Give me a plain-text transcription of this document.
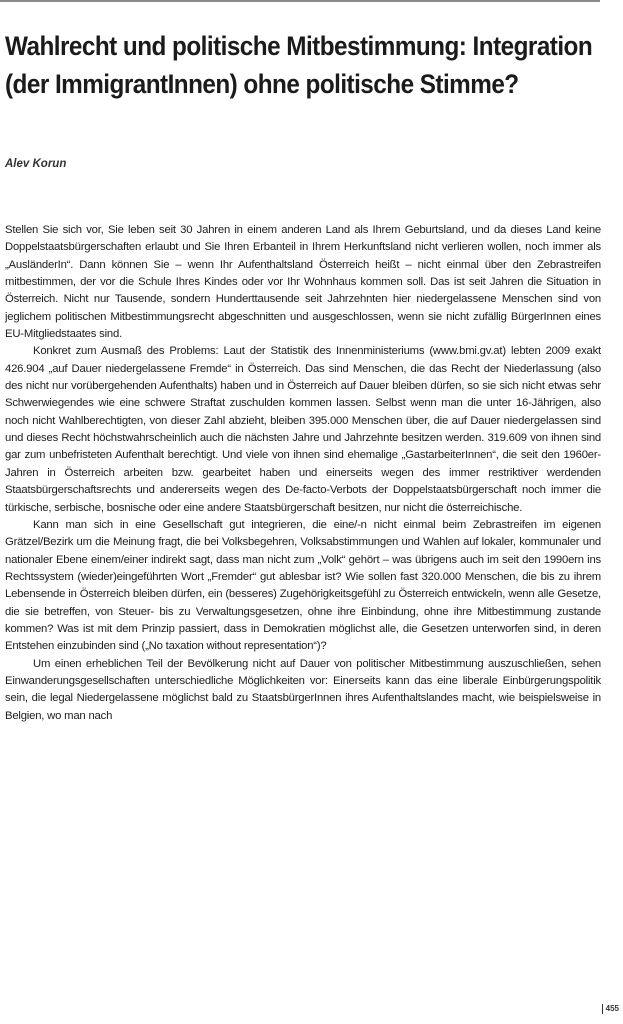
Wahlrecht und politische Mitbestimmung: Integration (der ImmigrantInnen) ohne politische Stimme?

Alev Korun

Stellen Sie sich vor, Sie leben seit 30 Jahren in einem anderen Land als Ihrem Geburtsland, und da dieses Land keine Doppelstaatsbürgerschaften erlaubt und Sie Ihren Erbanteil in Ihrem Herkunftsland nicht verlieren wollen, noch immer als „AusländerIn“. Dann können Sie – wenn Ihr Aufenthaltsland Österreich heißt – nicht einmal über den Zebrastreifen mitbestimmen, der vor die Schule Ihres Kindes oder vor Ihr Wohnhaus kommen soll. Das ist seit Jahren die Situation in Österreich. Nicht nur Tausende, sondern Hunderttausende seit Jahrzehnten hier niedergelassene Menschen sind von jeglichem politischen Mitbestimmungsrecht abgeschnitten und ausgeschlossen, wenn sie nicht zufällig BürgerInnen eines EU-Mitgliedstaates sind.

Konkret zum Ausmaß des Problems: Laut der Statistik des Innenministeriums (www.bmi.gv.at) lebten 2009 exakt 426.904 „auf Dauer niedergelassene Fremde“ in Österreich. Das sind Menschen, die das Recht der Niederlassung (also des nicht nur vorübergehenden Aufenthalts) haben und in Österreich auf Dauer bleiben dürfen, so sie sich nicht etwas sehr Schwerwiegendes wie eine schwere Straftat zuschulden kommen lassen. Selbst wenn man die unter 16-Jährigen, also noch nicht Wahlberechtigten, von dieser Zahl abzieht, bleiben 395.000 Menschen über, die auf Dauer niedergelassen sind und dieses Recht höchstwahrscheinlich auch die nächsten Jahre und Jahrzehnte besitzen werden. 319.609 von ihnen sind gar zum unbefristeten Aufenthalt berechtigt. Und viele von ihnen sind ehemalige „GastarbeiterInnen“, die seit den 1960er-Jahren in Österreich arbeiten bzw. gearbeitet haben und einerseits wegen des immer restriktiver werdenden Staatsbürgerschaftsrechts und andererseits wegen des De-facto-Verbots der Doppelstaatsbürgerschaft noch immer die türkische, serbische, bosnische oder eine andere Staatsbürgerschaft besitzen, nur nicht die österreichische.

Kann man sich in eine Gesellschaft gut integrieren, die eine/-n nicht einmal beim Zebrastreifen im eigenen Grätzel/Bezirk um die Meinung fragt, die bei Volksbegehren, Volksabstimmungen und Wahlen auf lokaler, kommunaler und nationaler Ebene einem/einer indirekt sagt, dass man nicht zum „Volk“ gehört – was übrigens auch im seit den 1990ern ins Rechtssystem (wieder)eingeführten Wort „Fremder“ gut ablesbar ist? Wie sollen fast 320.000 Menschen, die bis zu ihrem Lebensende in Österreich bleiben dürfen, ein (besseres) Zugehörigkeitsgefühl zu Österreich entwickeln, wenn alle Gesetze, die sie betreffen, von Steuer- bis zu Verwaltungsgesetzen, ohne ihre Einbindung, ohne ihre Mitbestimmung zustande kommen? Was ist mit dem Prinzip passiert, dass in Demokratien möglichst alle, die Gesetzen unterworfen sind, in deren Entstehen einzubinden sind („No taxation without representation“)?

Um einen erheblichen Teil der Bevölkerung nicht auf Dauer von politischer Mitbestimmung auszuschließen, sehen Einwanderungsgesellschaften unterschiedliche Möglichkeiten vor: Einerseits kann das eine liberale Einbürgerungspolitik sein, die legal Niedergelassene möglichst bald zu StaatsbürgerInnen ihres Aufenthaltslandes macht, wie beispielsweise in Belgien, wo man nach

455
